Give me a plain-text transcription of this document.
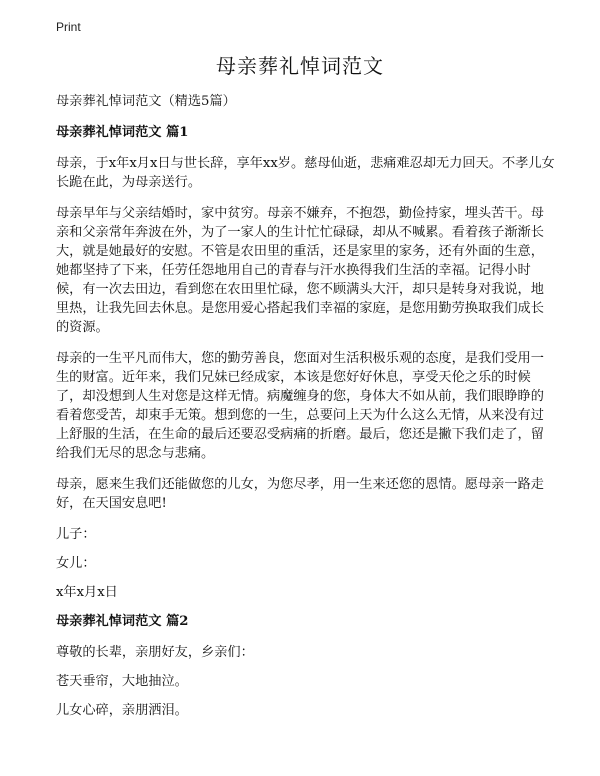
Print
母亲葬礼悼词范文

母亲葬礼悼词范文（精选5篇）

母亲葬礼悼词范文 篇1

母亲，于x年x月x日与世长辞，享年xx岁。慈母仙逝，悲痛难忍却无力回天。不孝儿女长跪在此，为母亲送行。

母亲早年与父亲结婚时，家中贫穷。母亲不嫌弃，不抱怨，勤俭持家，埋头苦干。母亲和父亲常年奔波在外，为了一家人的生计忙忙碌碌，却从不喊累。看着孩子渐渐长大，就是她最好的安慰。不管是农田里的重活，还是家里的家务，还有外面的生意，她都坚持了下来，任劳任怨地用自己的青春与汗水换得我们生活的幸福。记得小时候，有一次去田边，看到您在农田里忙碌，您不顾满头大汗，却只是转身对我说，地里热，让我先回去休息。是您用爱心搭起我们幸福的家庭，是您用勤劳换取我们成长的资源。

母亲的一生平凡而伟大，您的勤劳善良，您面对生活积极乐观的态度，是我们受用一生的财富。近年来，我们兄妹已经成家，本该是您好好休息，享受天伦之乐的时候了，却没想到人生对您是这样无情。病魔缠身的您，身体大不如从前，我们眼睁睁的看着您受苦，却束手无策。想到您的一生，总要问上天为什么这么无情，从来没有过上舒服的生活，在生命的最后还要忍受病痛的折磨。最后，您还是撇下我们走了，留给我们无尽的思念与悲痛。

母亲，愿来生我们还能做您的儿女，为您尽孝，用一生来还您的恩情。愿母亲一路走好，在天国安息吧!

儿子：

女儿：

x年x月x日

母亲葬礼悼词范文 篇2

尊敬的长辈，亲朋好友，乡亲们：

苍天垂帘，大地抽泣。

儿女心碎，亲朋洒泪。
